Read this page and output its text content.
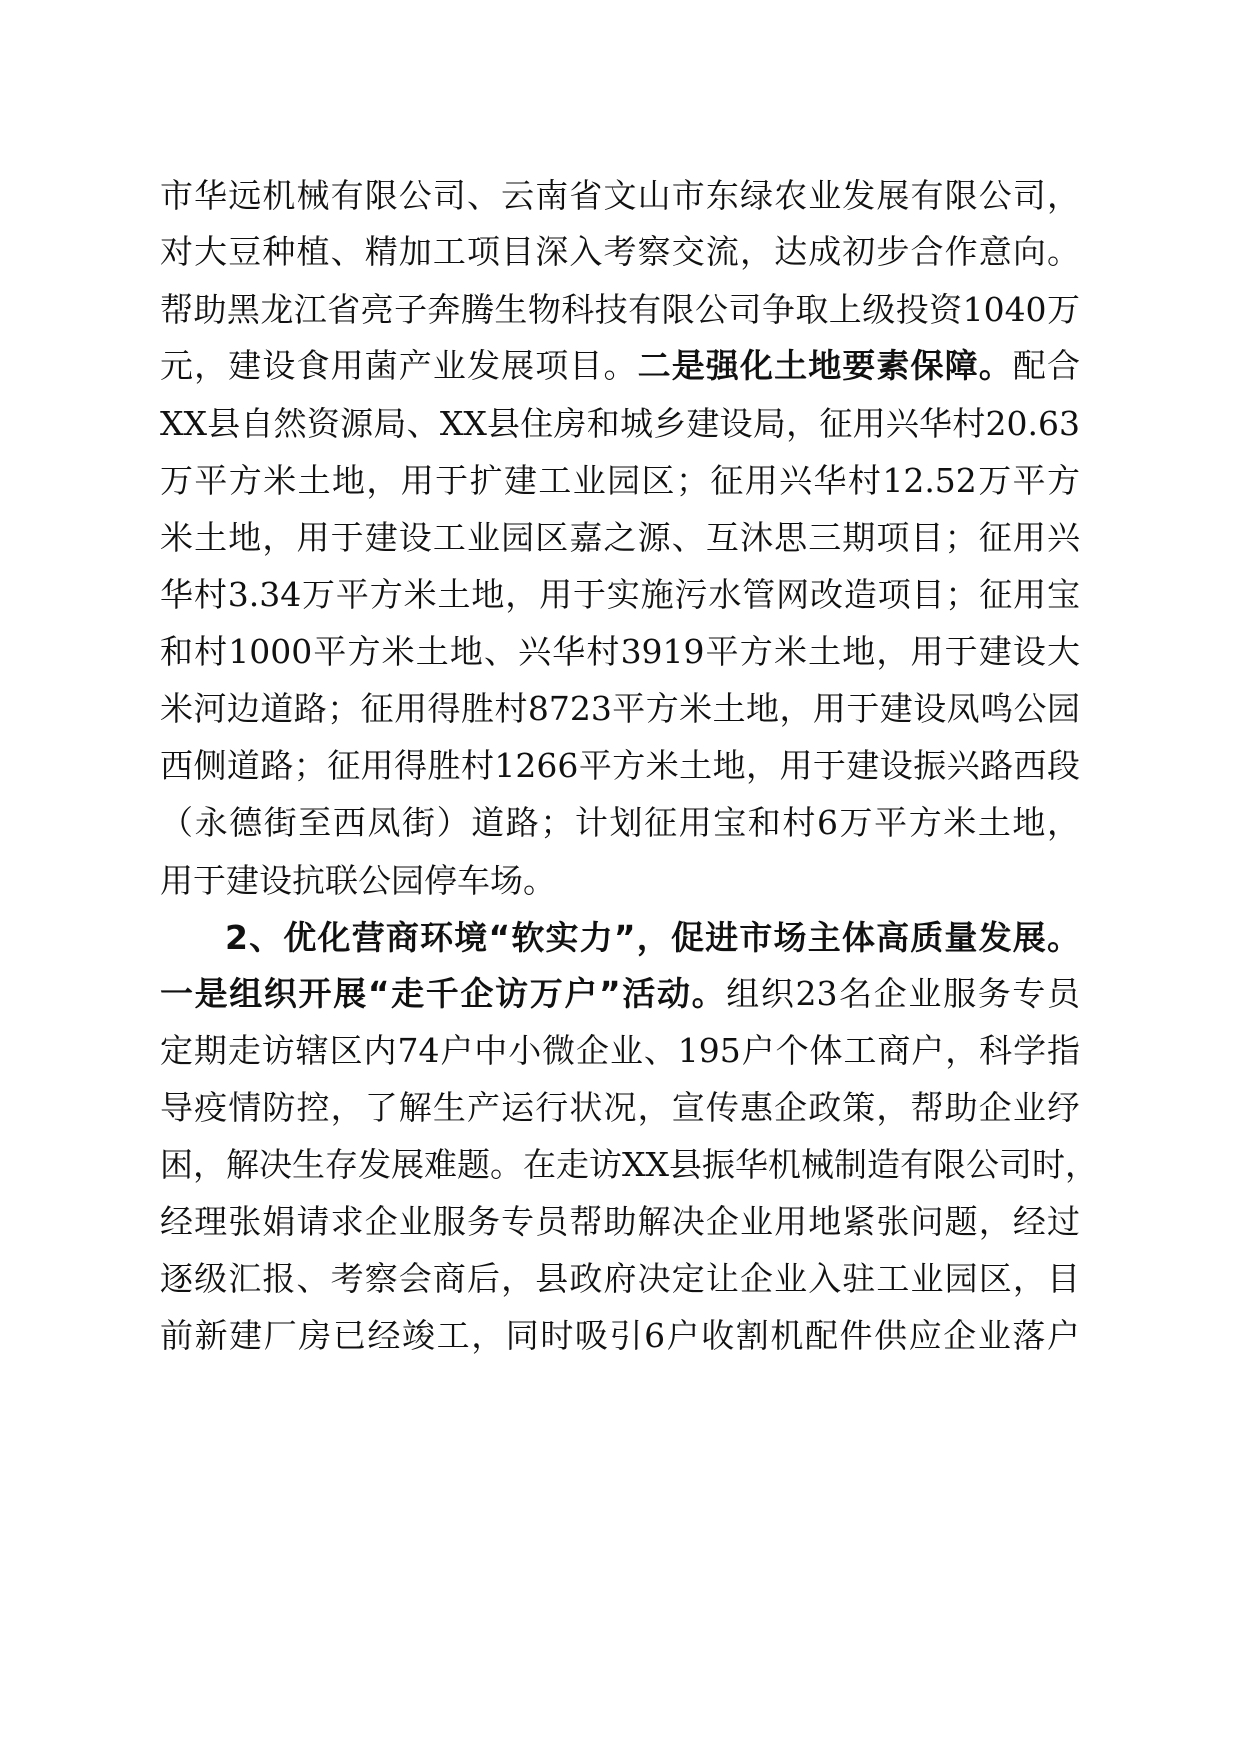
市华远机械有限公司、云南省文山市东绿农业发展有限公司，
对大豆种植、精加工项目深入考察交流，达成初步合作意向。
帮助黑龙江省亮子奔腾生物科技有限公司争取上级投资1040万
元，建设食用菌产业发展项目。二是强化土地要素保障。配合
XX县自然资源局、XX县住房和城乡建设局，征用兴华村20.63
万平方米土地，用于扩建工业园区；征用兴华村12.52万平方
米土地，用于建设工业园区嘉之源、互沐思三期项目；征用兴
华村3.34万平方米土地，用于实施污水管网改造项目；征用宝
和村1000平方米土地、兴华村3919平方米土地，用于建设大
米河边道路；征用得胜村8723平方米土地，用于建设凤鸣公园
西侧道路；征用得胜村1266平方米土地，用于建设振兴路西段
（永德街至西凤街）道路；计划征用宝和村6万平方米土地，
用于建设抗联公园停车场。
2、优化营商环境“软实力”，促进市场主体高质量发展。
一是组织开展“走千企访万户”活动。组织23名企业服务专员
定期走访辖区内74户中小微企业、195户个体工商户，科学指
导疫情防控，了解生产运行状况，宣传惠企政策，帮助企业纾
困，解决生存发展难题。在走访XX县振华机械制造有限公司时，
经理张娟请求企业服务专员帮助解决企业用地紧张问题，经过
逐级汇报、考察会商后，县政府决定让企业入驻工业园区，目
前新建厂房已经竣工，同时吸引6户收割机配件供应企业落户
